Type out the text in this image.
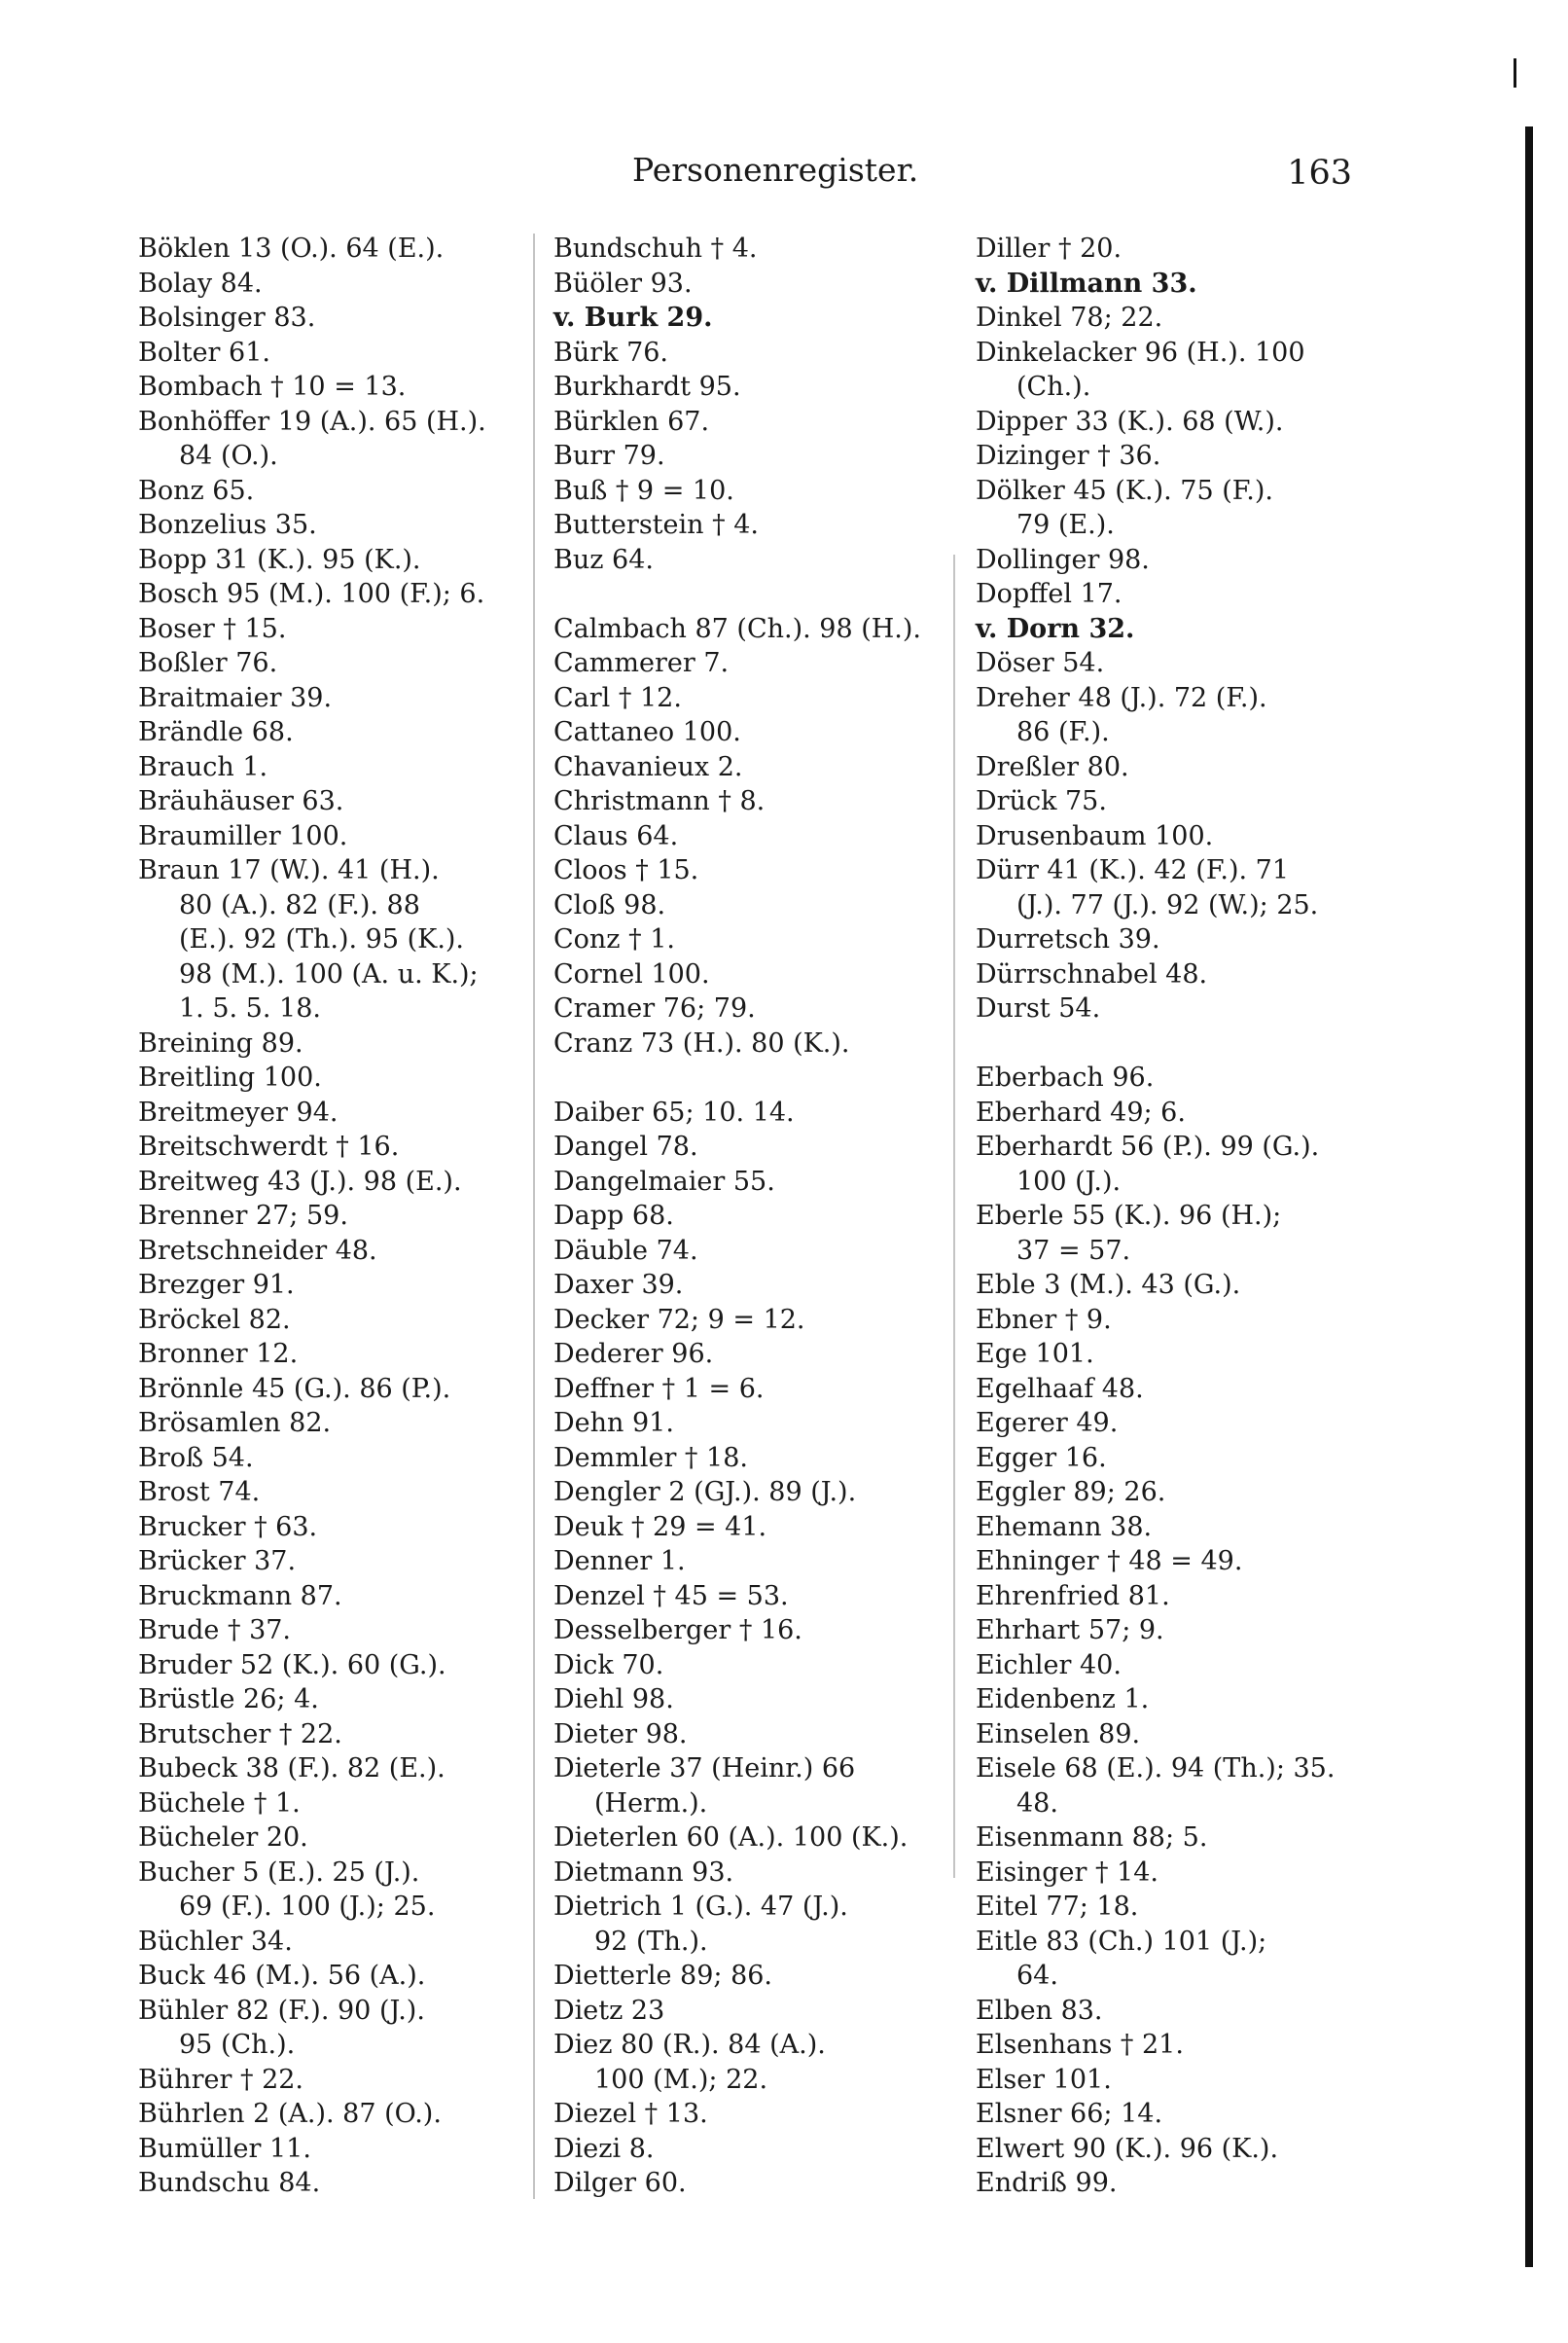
Personenregister.	163
Böklen 13 (O.). 64 (E.).
Bolay 84.
Bolsinger 83.
Bolter 61.
Bombach † 10 = 13.
Bonhöffer 19 (A.). 65 (H.).
84 (O.).
Bonz 65.
Bonzelius 35.
Bopp 31 (K.). 95 (K.).
Bosch 95 (M.). 100 (F.); 6.
Boser † 15.
Boßler 76.
Braitmaier 39.
Brändle 68.
Brauch 1.
Bräuhäuser 63.
Braumiller 100.
Braun 17 (W.). 41 (H.).
80 (A.). 82 (F.). 88
(E.). 92 (Th.). 95 (K.).
98 (M.). 100 (A. u. K.);
1. 5. 5. 18.
Breining 89.
Breitling 100.
Breitmeyer 94.
Breitschwerdt † 16.
Breitweg 43 (J.). 98 (E.).
Brenner 27; 59.
Bretschneider 48.
Brezger 91.
Bröckel 82.
Bronner 12.
Brönnle 45 (G.). 86 (P.).
Brösamlen 82.
Broß 54.
Brost 74.
Brucker † 63.
Brücker 37.
Bruckmann 87.
Brude † 37.
Bruder 52 (K.). 60 (G.).
Brüstle 26; 4.
Brutscher † 22.
Bubeck 38 (F.). 82 (E.).
Büchele † 1.
Bücheler 20.
Bucher 5 (E.). 25 (J.).
69 (F.). 100 (J.); 25.
Büchler 34.
Buck 46 (M.). 56 (A.).
Bühler 82 (F.). 90 (J.).
95 (Ch.).
Bührer † 22.
Bührlen 2 (A.). 87 (O.).
Bumüller 11.
Bundschu 84.
Bundschuh † 4.
Büöler 93.
v. Burk 29.
Bürk 76.
Burkhardt 95.
Bürklen 67.
Burr 79.
Buß † 9 = 10.
Butterstein † 4.
Buz 64.
Calmbach 87 (Ch.). 98 (H.).
Cammerer 7.
Carl † 12.
Cattaneo 100.
Chavanieux 2.
Christmann † 8.
Claus 64.
Cloos † 15.
Cloß 98.
Conz † 1.
Cornel 100.
Cramer 76; 79.
Cranz 73 (H.). 80 (K.).
Daiber 65; 10. 14.
Dangel 78.
Dangelmaier 55.
Dapp 68.
Däuble 74.
Daxer 39.
Decker 72; 9 = 12.
Dederer 96.
Deffner † 1 = 6.
Dehn 91.
Demmler † 18.
Dengler 2 (GJ.). 89 (J.).
Deuk † 29 = 41.
Denner 1.
Denzel † 45 = 53.
Desselberger † 16.
Dick 70.
Diehl 98.
Dieter 98.
Dieterle 37 (Heinr.) 66
(Herm.).
Dieterlen 60 (A.). 100 (K.).
Dietmann 93.
Dietrich 1 (G.). 47 (J.).
92 (Th.).
Dietterle 89; 86.
Dietz 23
Diez 80 (R.). 84 (A.).
100 (M.); 22.
Diezel † 13.
Diezi 8.
Dilger 60.
Diller † 20.
v. Dillmann 33.
Dinkel 78; 22.
Dinkelacker 96 (H.). 100
(Ch.).
Dipper 33 (K.). 68 (W.).
Dizinger † 36.
Dölker 45 (K.). 75 (F.).
79 (E.).
Dollinger 98.
Dopffel 17.
v. Dorn 32.
Döser 54.
Dreher 48 (J.). 72 (F.).
86 (F.).
Dreßler 80.
Drück 75.
Drusenbaum 100.
Dürr 41 (K.). 42 (F.). 71
(J.). 77 (J.). 92 (W.); 25.
Durretsch 39.
Dürrschnabel 48.
Durst 54.
Eberbach 96.
Eberhard 49; 6.
Eberhardt 56 (P.). 99 (G.).
100 (J.).
Eberle 55 (K.). 96 (H.);
37 = 57.
Eble 3 (M.). 43 (G.).
Ebner † 9.
Ege 101.
Egelhaaf 48.
Egerer 49.
Egger 16.
Eggler 89; 26.
Ehemann 38.
Ehninger † 48 = 49.
Ehrenfried 81.
Ehrhart 57; 9.
Eichler 40.
Eidenbenz 1.
Einselen 89.
Eisele 68 (E.). 94 (Th.); 35.
48.
Eisenmann 88; 5.
Eisinger † 14.
Eitel 77; 18.
Eitle 83 (Ch.) 101 (J.);
64.
Elben 83.
Elsenhans † 21.
Elser 101.
Elsner 66; 14.
Elwert 90 (K.). 96 (K.).
Endriß 99.
